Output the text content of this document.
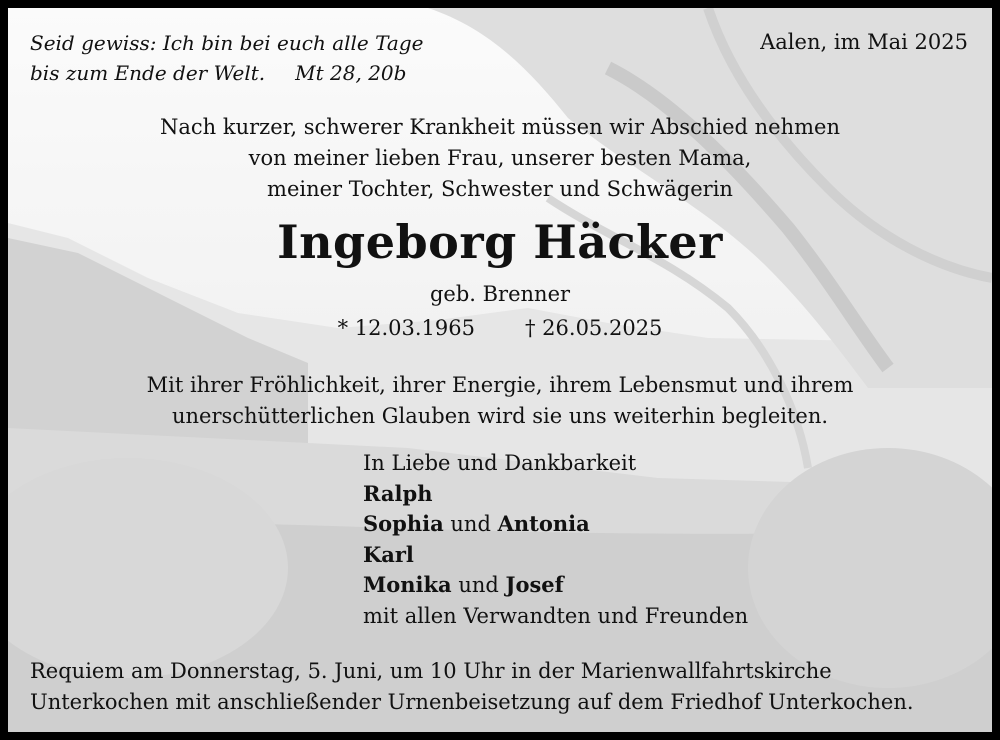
Seid gewiss: Ich bin bei euch alle Tage
bis zum Ende der Welt. Mt 28, 20b
Aalen, im Mai 2025
Nach kurzer, schwerer Krankheit müssen wir Abschied nehmen
von meiner lieben Frau, unserer besten Mama,
meiner Tochter, Schwester und Schwägerin
Ingeborg Häcker
geb. Brenner
* 12.03.1965 † 26.05.2025
Mit ihrer Fröhlichkeit, ihrer Energie, ihrem Lebensmut und ihrem
unerschütterlichen Glauben wird sie uns weiterhin begleiten.
In Liebe und Dankbarkeit
Ralph
Sophia und Antonia
Karl
Monika und Josef
mit allen Verwandten und Freunden
Requiem am Donnerstag, 5. Juni, um 10 Uhr in der Marienwallfahrtskirche
Unterkochen mit anschließender Urnenbeisetzung auf dem Friedhof Unterkochen.
